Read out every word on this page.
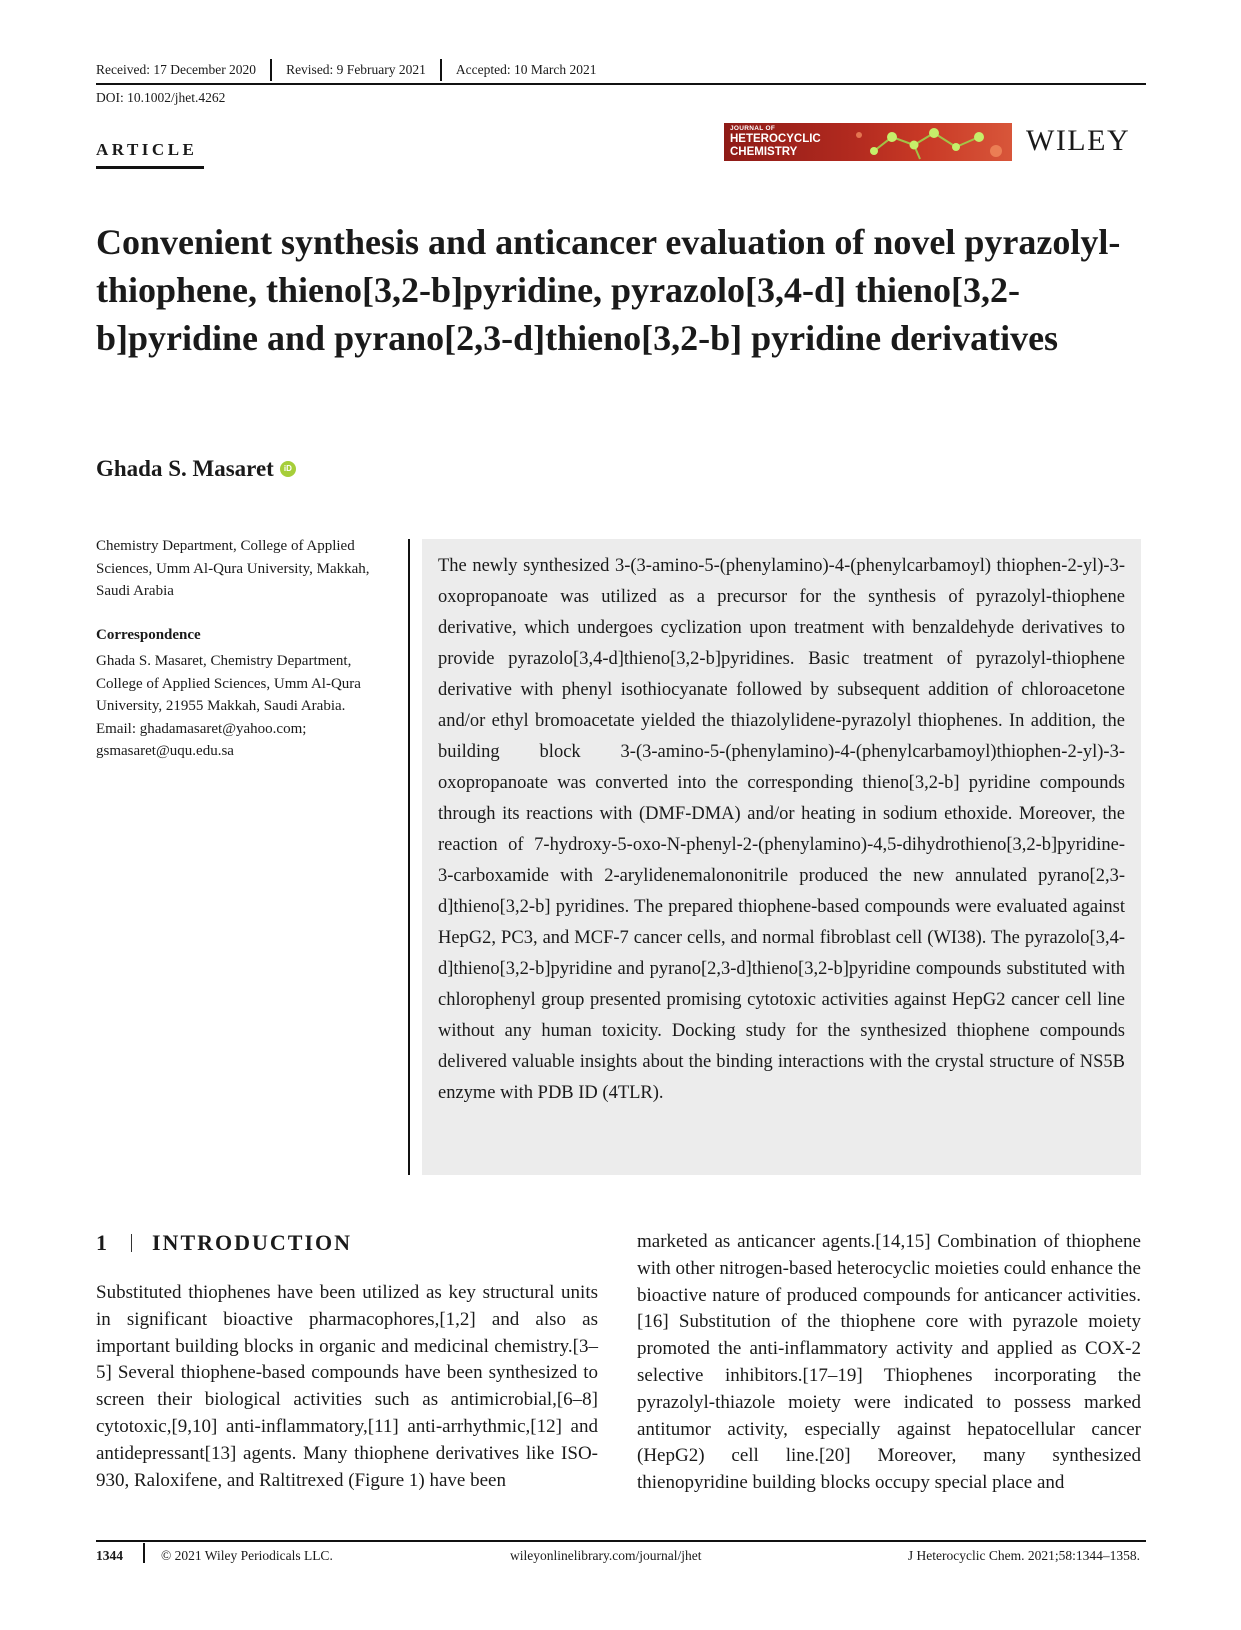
Received: 17 December 2020 Revised: 9 February 2021 Accepted: 10 March 2021
DOI: 10.1002/jhet.4262
ARTICLE
JOURNAL OF
HETEROCYCLIC
CHEMISTRY	WILEY
Convenient synthesis and anticancer evaluation of novel pyrazolyl-thiophene, thieno[3,2-b]pyridine, pyrazolo[3,4-d] thieno[3,2-b]pyridine and pyrano[2,3-d]thieno[3,2-b] pyridine derivatives
Ghada S. Masaret	iD
Chemistry Department, College of Applied Sciences, Umm Al-Qura University, Makkah, Saudi Arabia
Correspondence
Ghada S. Masaret, Chemistry Department, College of Applied Sciences, Umm Al-Qura University, 21955 Makkah, Saudi Arabia.
Email: ghadamasaret@yahoo.com; gsmasaret@uqu.edu.sa

The newly synthesized 3-(3-amino-5-(phenylamino)-4-(phenylcarbamoyl) thiophen-2-yl)-3-oxopropanoate was utilized as a precursor for the synthesis of pyrazolyl-thiophene derivative, which undergoes cyclization upon treatment with benzaldehyde derivatives to provide pyrazolo[3,4-d]thieno[3,2-b]pyridines. Basic treatment of pyrazolyl-thiophene derivative with phenyl isothiocyanate followed by subsequent addition of chloroacetone and/or ethyl bromoacetate yielded the thiazolylidene-pyrazolyl thiophenes. In addition, the building block 3-(3-amino-5-(phenylamino)-4-(phenylcarbamoyl)thiophen-2-yl)-3-oxopropanoate was converted into the corresponding thieno[3,2-b] pyridine compounds through its reactions with (DMF-DMA) and/or heating in sodium ethoxide. Moreover, the reaction of 7-hydroxy-5-oxo-N-phenyl-2-(phenylamino)-4,5-dihydrothieno[3,2-b]pyridine-3-carboxamide with 2-arylidenemalononitrile produced the new annulated pyrano[2,3-d]thieno[3,2-b] pyridines. The prepared thiophene-based compounds were evaluated against HepG2, PC3, and MCF-7 cancer cells, and normal fibroblast cell (WI38). The pyrazolo[3,4-d]thieno[3,2-b]pyridine and pyrano[2,3-d]thieno[3,2-b]pyridine compounds substituted with chlorophenyl group presented promising cytotoxic activities against HepG2 cancer cell line without any human toxicity. Docking study for the synthesized thiophene compounds delivered valuable insights about the binding interactions with the crystal structure of NS5B enzyme with PDB ID (4TLR).

1 INTRODUCTION

Substituted thiophenes have been utilized as key structural units in significant bioactive pharmacophores,[1,2] and also as important building blocks in organic and medicinal chemistry.[3–5] Several thiophene-based compounds have been synthesized to screen their biological activities such as antimicrobial,[6–8] cytotoxic,[9,10] anti-inflammatory,[11] anti-arrhythmic,[12] and antidepressant[13] agents. Many thiophene derivatives like ISO-930, Raloxifene, and Raltitrexed (Figure 1) have been

marketed as anticancer agents.[14,15] Combination of thiophene with other nitrogen-based heterocyclic moieties could enhance the bioactive nature of produced compounds for anticancer activities.[16] Substitution of the thiophene core with pyrazole moiety promoted the anti-inflammatory activity and applied as COX-2 selective inhibitors.[17–19] Thiophenes incorporating the pyrazolyl-thiazole moiety were indicated to possess marked antitumor activity, especially against hepatocellular cancer (HepG2) cell line.[20] Moreover, many synthesized thienopyridine building blocks occupy special place and

1344	© 2021 Wiley Periodicals LLC.	wileyonlinelibrary.com/journal/jhet	J Heterocyclic Chem. 2021;58:1344–1358.
